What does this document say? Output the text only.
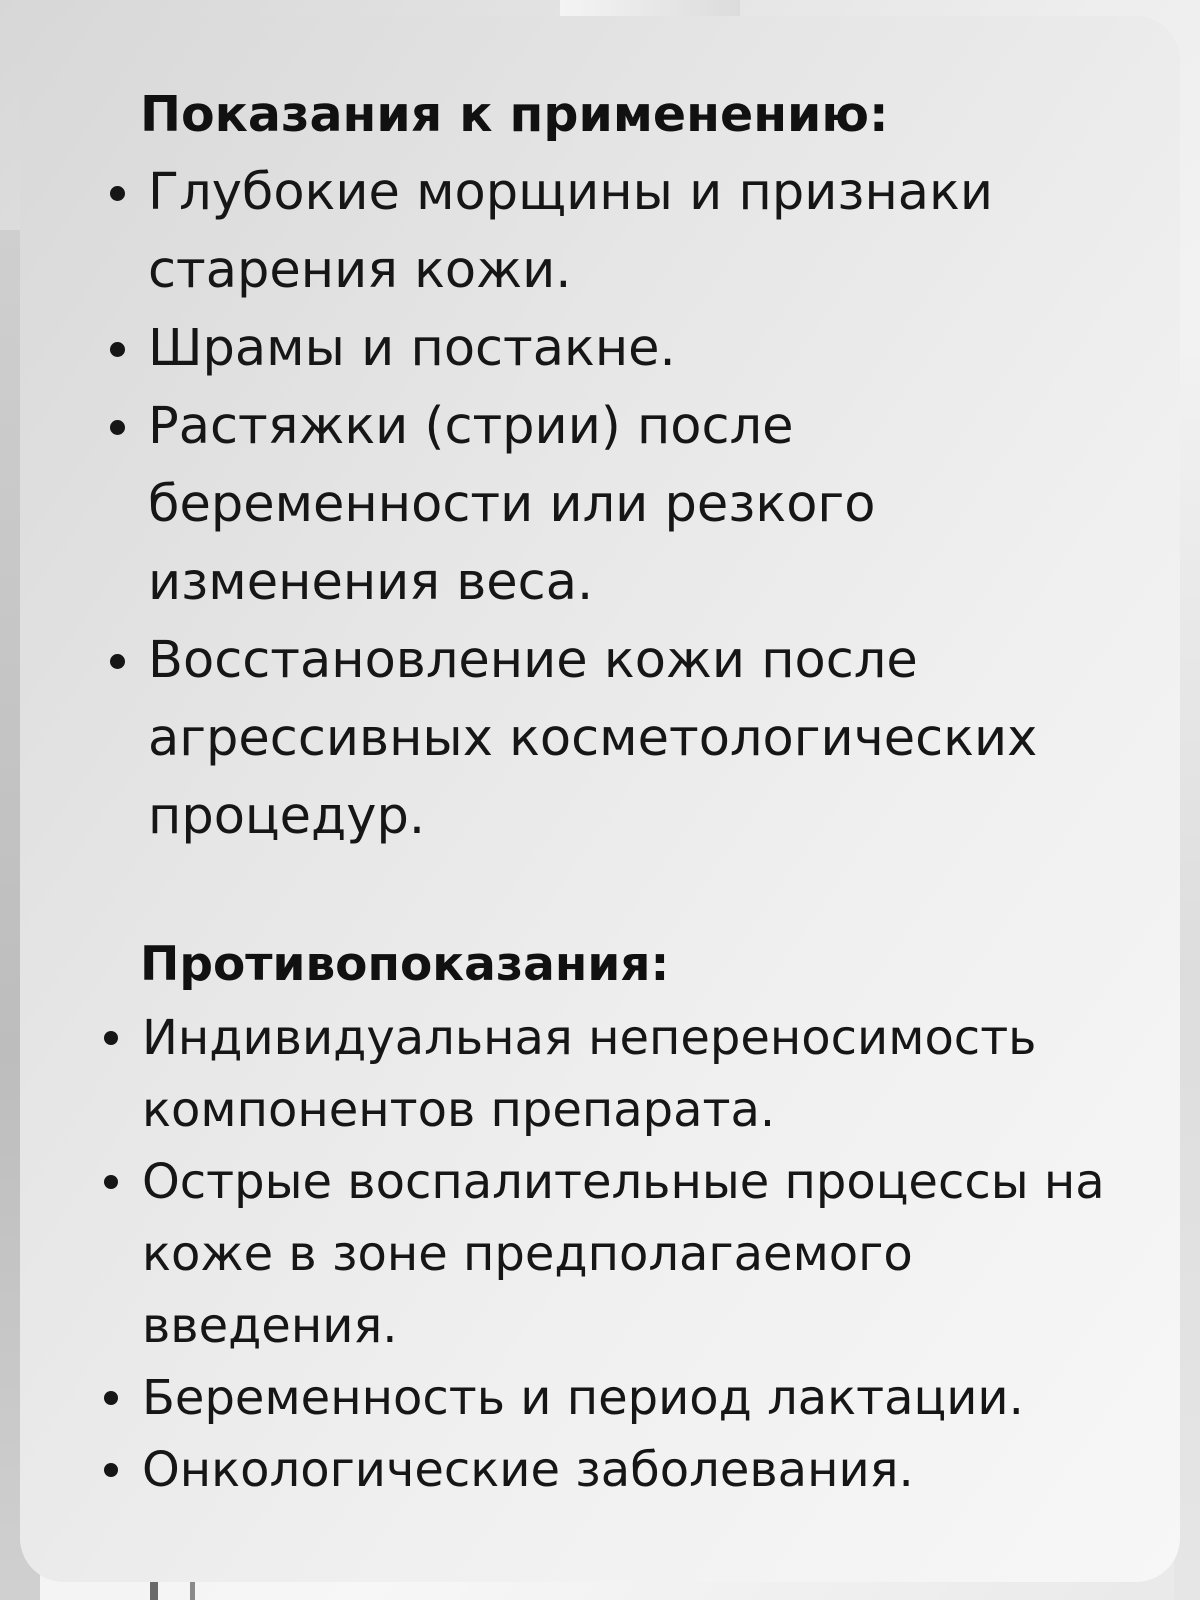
Показания к применению:
Глубокие морщины и признаки старения кожи.
Шрамы и постакне.
Растяжки (стрии) после беременности или резкого изменения веса.
Восстановление кожи после агрессивных косметологических процедур.
Противопоказания:
Индивидуальная непереносимость компонентов препарата.
Острые воспалительные процессы на коже в зоне предполагаемого введения.
Беременность и период лактации.
Онкологические заболевания.
